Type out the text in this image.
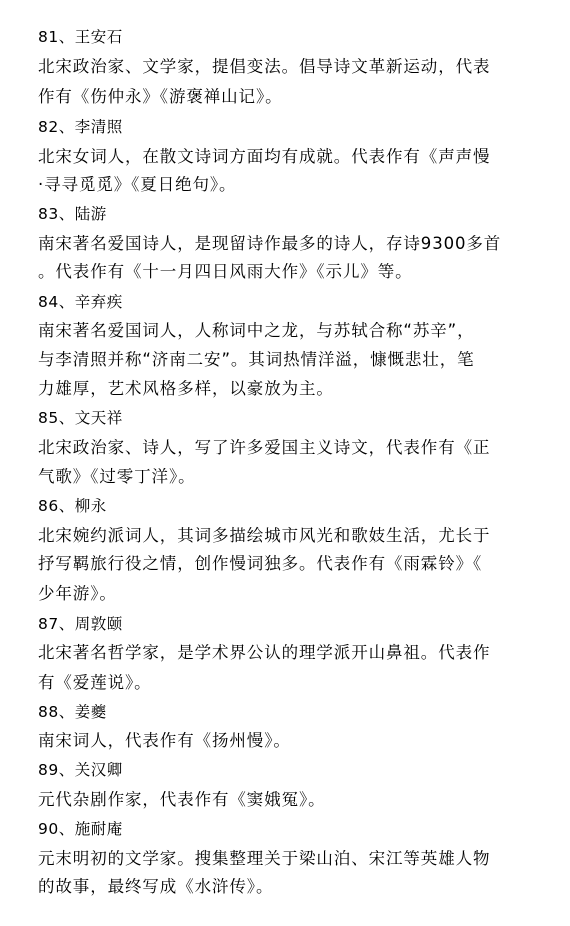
81、王安石
北宋政治家、文学家，提倡变法。倡导诗文革新运动，代表
作有《伤仲永》《游褒禅山记》。
82、李清照
北宋女词人，在散文诗词方面均有成就。代表作有《声声慢
·寻寻觅觅》《夏日绝句》。
83、陆游
南宋著名爱国诗人，是现留诗作最多的诗人，存诗9300多首
。代表作有《十一月四日风雨大作》《示儿》等。
84、辛弃疾
南宋著名爱国词人，人称词中之龙，与苏轼合称“苏辛”，
与李清照并称“济南二安”。其词热情洋溢，慷慨悲壮，笔
力雄厚，艺术风格多样，以豪放为主。
85、文天祥
北宋政治家、诗人，写了许多爱国主义诗文，代表作有《正
气歌》《过零丁洋》。
86、柳永
北宋婉约派词人，其词多描绘城市风光和歌妓生活，尤长于
抒写羁旅行役之情，创作慢词独多。代表作有《雨霖铃》《
少年游》。
87、周敦颐
北宋著名哲学家，是学术界公认的理学派开山鼻祖。代表作
有《爱莲说》。
88、姜夔
南宋词人，代表作有《扬州慢》。
89、关汉卿
元代杂剧作家，代表作有《窦娥冤》。
90、施耐庵
元末明初的文学家。搜集整理关于梁山泊、宋江等英雄人物
的故事，最终写成《水浒传》。
